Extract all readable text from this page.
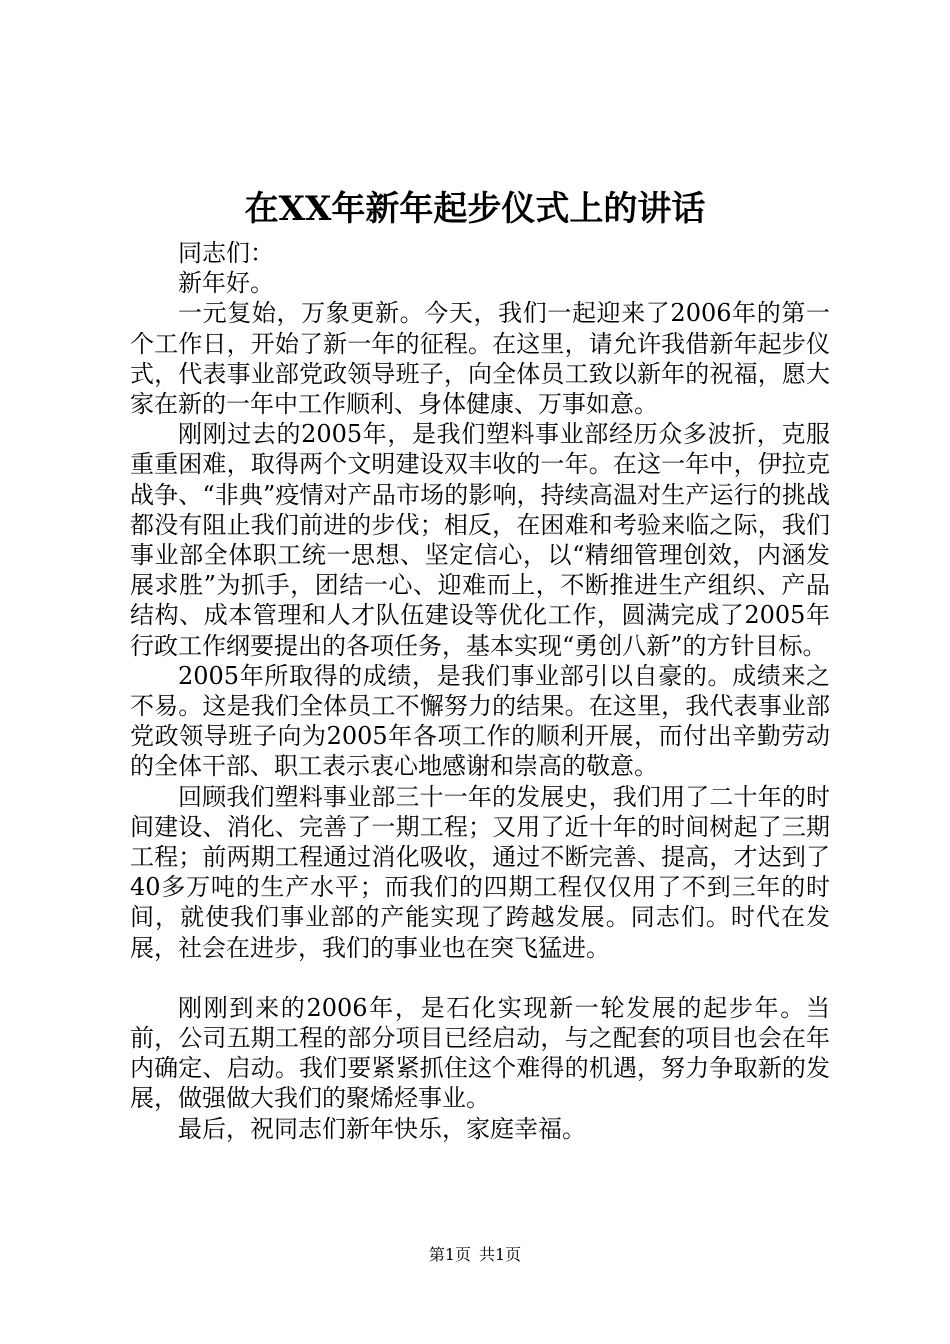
在XX年新年起步仪式上的讲话

同志们：

新年好。

一元复始，万象更新。今天，我们一起迎来了2006年的第一个工作日，开始了新一年的征程。在这里，请允许我借新年起步仪式，代表事业部党政领导班子，向全体员工致以新年的祝福，愿大家在新的一年中工作顺利、身体健康、万事如意。

刚刚过去的2005年，是我们塑料事业部经历众多波折，克服重重困难，取得两个文明建设双丰收的一年。在这一年中，伊拉克战争、“非典”疫情对产品市场的影响，持续高温对生产运行的挑战都没有阻止我们前进的步伐；相反，在困难和考验来临之际，我们事业部全体职工统一思想、坚定信心，以“精细管理创效，内涵发展求胜”为抓手，团结一心、迎难而上，不断推进生产组织、产品结构、成本管理和人才队伍建设等优化工作，圆满完成了2005年行政工作纲要提出的各项任务，基本实现“勇创八新”的方针目标。

2005年所取得的成绩，是我们事业部引以自豪的。成绩来之不易。这是我们全体员工不懈努力的结果。在这里，我代表事业部党政领导班子向为2005年各项工作的顺利开展，而付出辛勤劳动的全体干部、职工表示衷心地感谢和崇高的敬意。

回顾我们塑料事业部三十一年的发展史，我们用了二十年的时间建设、消化、完善了一期工程；又用了近十年的时间树起了三期工程；前两期工程通过消化吸收，通过不断完善、提高，才达到了40多万吨的生产水平；而我们的四期工程仅仅用了不到三年的时间，就使我们事业部的产能实现了跨越发展。同志们。时代在发展，社会在进步，我们的事业也在突飞猛进。

刚刚到来的2006年，是石化实现新一轮发展的起步年。当前，公司五期工程的部分项目已经启动，与之配套的项目也会在年内确定、启动。我们要紧紧抓住这个难得的机遇，努力争取新的发展，做强做大我们的聚烯烃事业。

最后，祝同志们新年快乐，家庭幸福。

第1页 共1页
